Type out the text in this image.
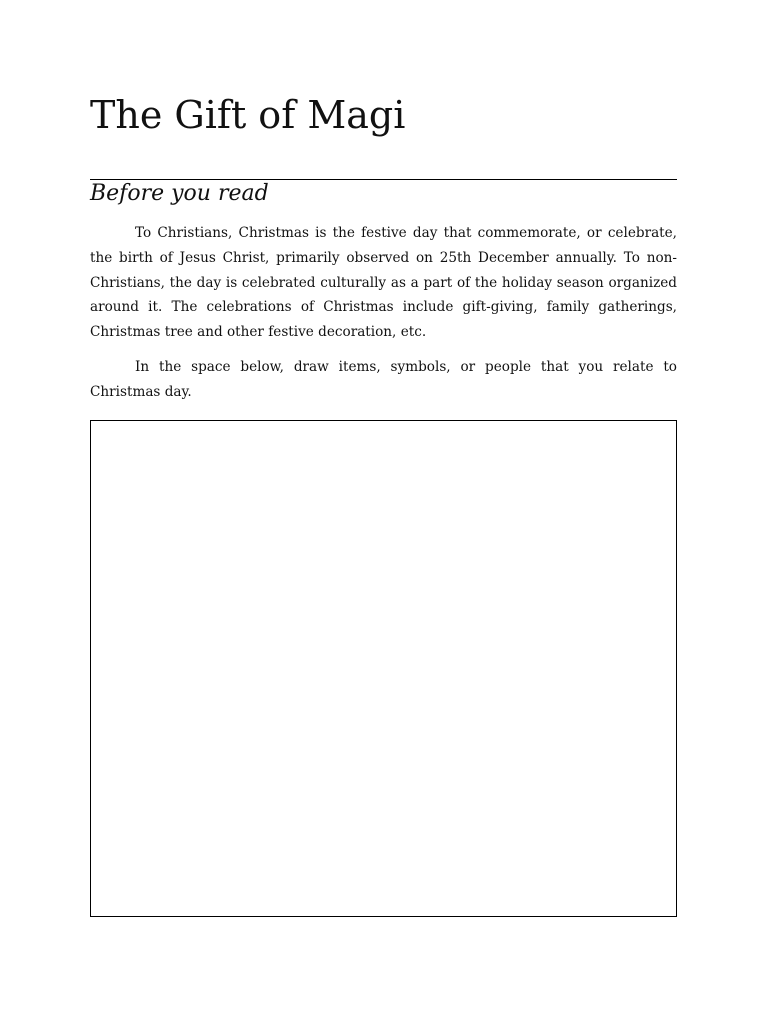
The Gift of Magi
Before you read

To Christians, Christmas is the festive day that commemorate, or celebrate, the birth of Jesus Christ, primarily observed on 25th December annually. To non-Christians, the day is celebrated culturally as a part of the holiday season organized around it. The celebrations of Christmas include gift-giving, family gatherings, Christmas tree and other festive decoration, etc.

In the space below, draw items, symbols, or people that you relate to Christmas day.
